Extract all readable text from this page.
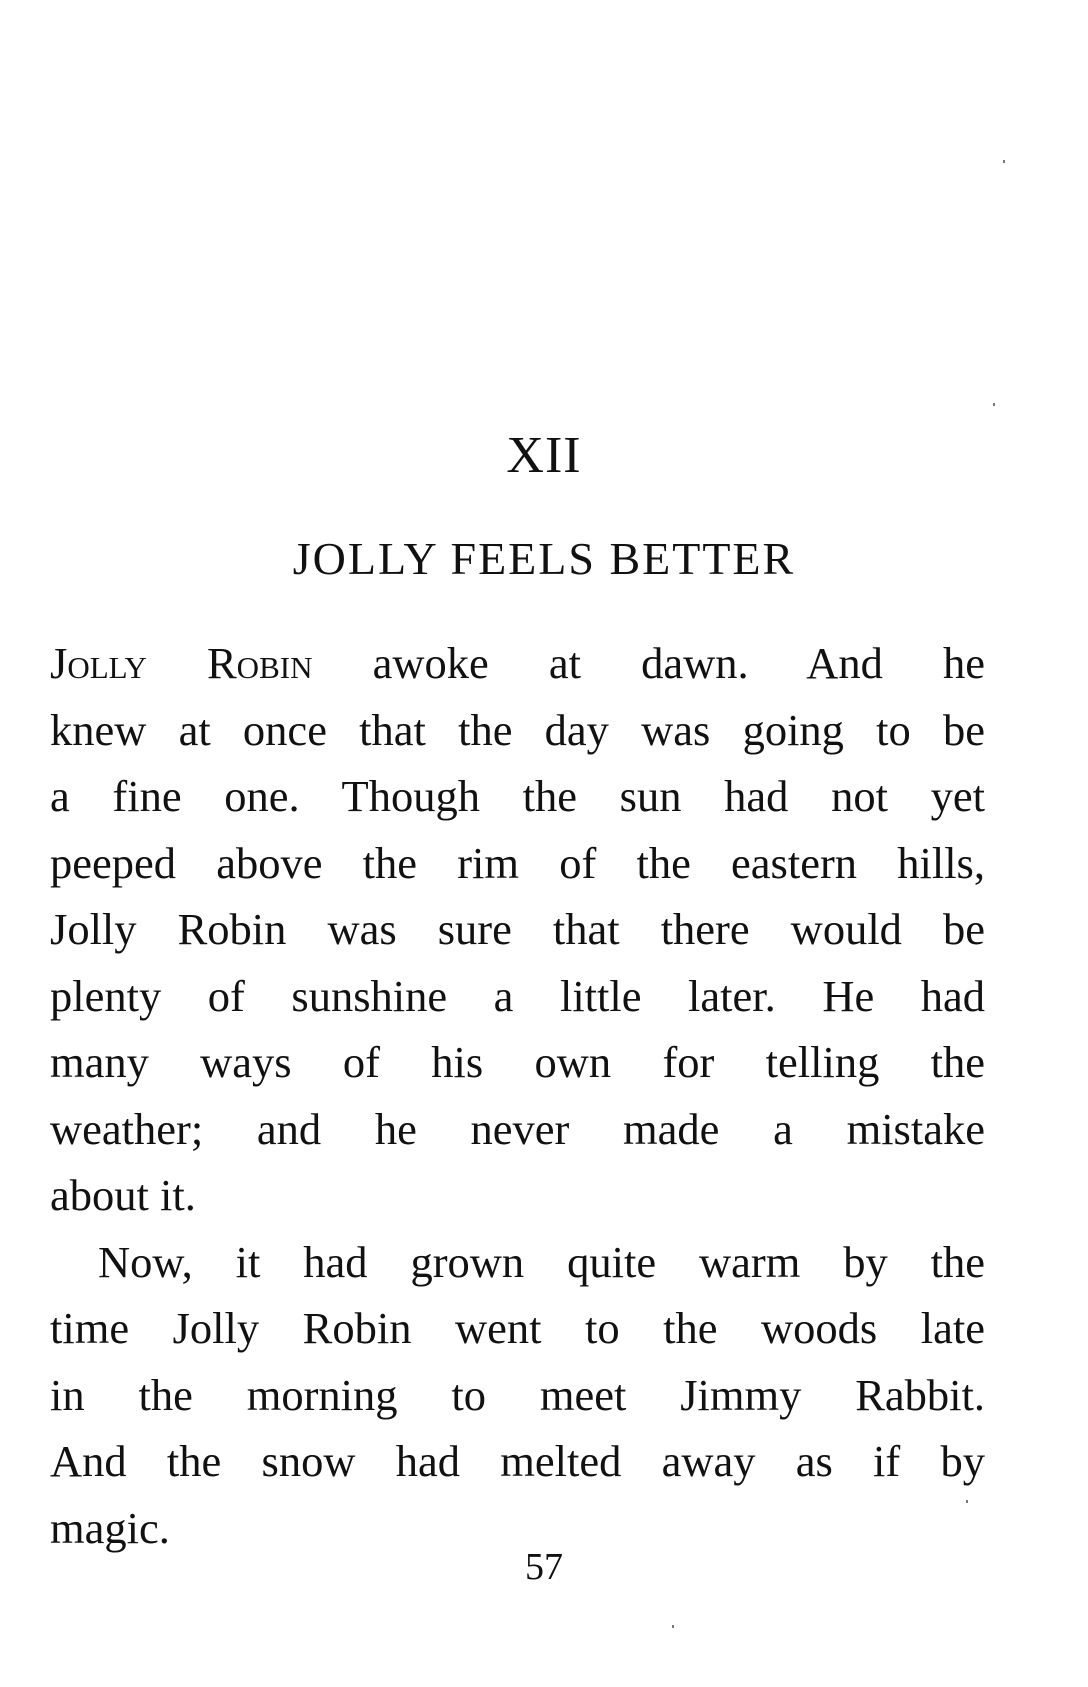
XII
JOLLY FEELS BETTER
Jolly Robin awoke at dawn. And he
knew at once that the day was going to be
a fine one. Though the sun had not yet
peeped above the rim of the eastern hills,
Jolly Robin was sure that there would be
plenty of sunshine a little later. He had
many ways of his own for telling the
weather; and he never made a mistake
about it.
Now, it had grown quite warm by the
time Jolly Robin went to the woods late
in the morning to meet Jimmy Rabbit.
And the snow had melted away as if by
magic.
57
